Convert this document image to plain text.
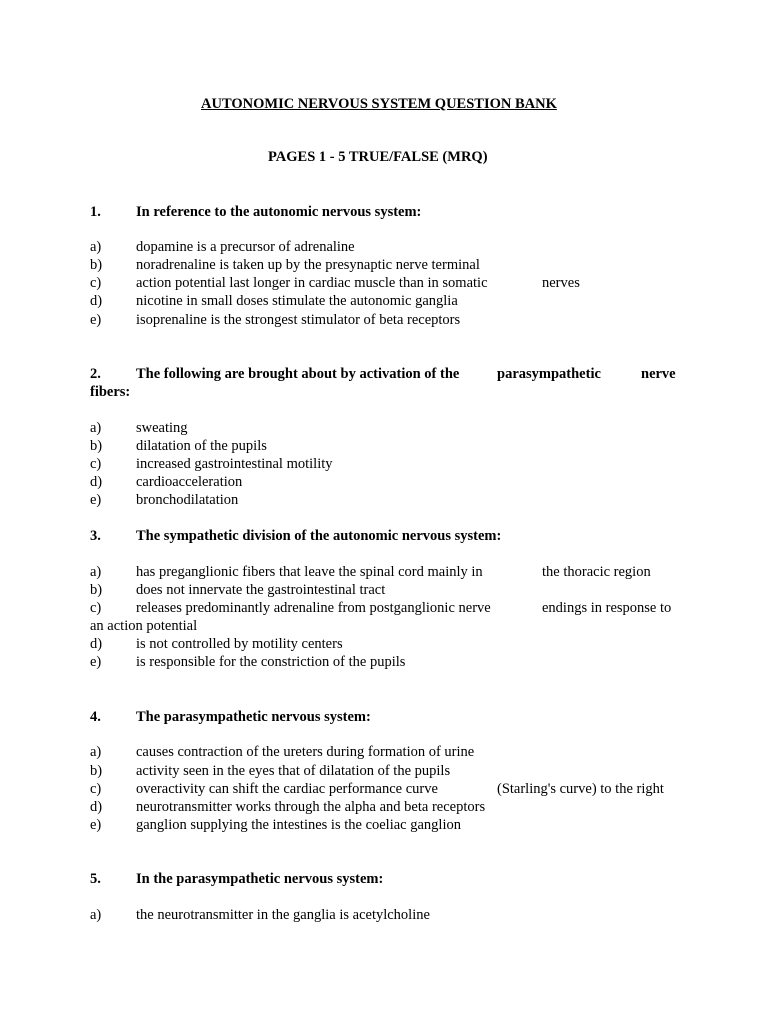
AUTONOMIC NERVOUS SYSTEM QUESTION BANK
PAGES 1 - 5 TRUE/FALSE (MRQ)
1. In reference to the autonomic nervous system:
a) dopamine is a precursor of adrenaline
b) noradrenaline is taken up by the presynaptic nerve terminal
c) action potential last longer in cardiac muscle than in somatic	nerves
d) nicotine in small doses stimulate the autonomic ganglia
e) isoprenaline is the strongest stimulator of beta receptors
2. The following are brought about by activation of the	parasympathetic	nerve
fibers:
a) sweating
b) dilatation of the pupils
c) increased gastrointestinal motility
d) cardioacceleration
e) bronchodilatation
3. The sympathetic division of the autonomic nervous system:
a) has preganglionic fibers that leave the spinal cord mainly in	the thoracic region
b) does not innervate the gastrointestinal tract
c) releases predominantly adrenaline from postganglionic nerve	endings in response to
an action potential
d) is not controlled by motility centers
e) is responsible for the constriction of the pupils
4. The parasympathetic nervous system:
a) causes contraction of the ureters during formation of urine
b) activity seen in the eyes that of dilatation of the pupils
c) overactivity can shift the cardiac performance curve	(Starling's curve) to the right
d) neurotransmitter works through the alpha and beta receptors
e) ganglion supplying the intestines is the coeliac ganglion
5. In the parasympathetic nervous system:
a) the neurotransmitter in the ganglia is acetylcholine
